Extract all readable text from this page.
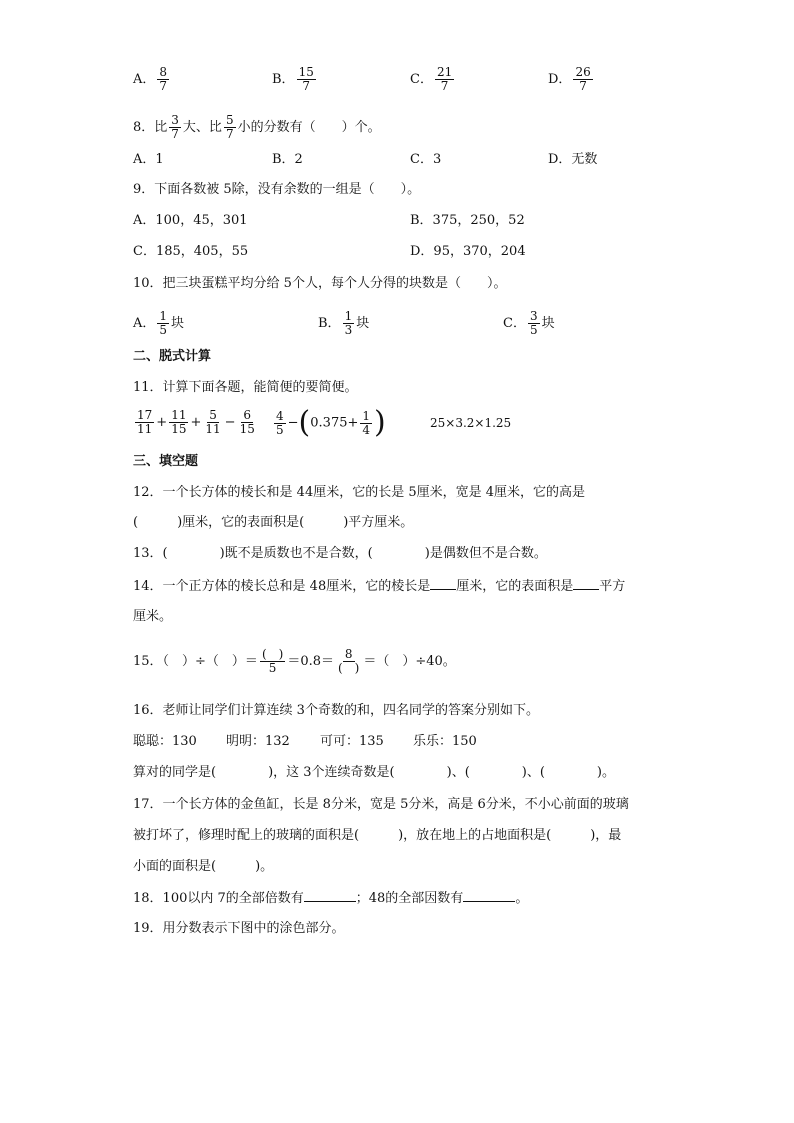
A． $\frac{8}{7}$	B． $\frac{15}{7}$	C． $\frac{21}{7}$	D． $\frac{26}{7}$
8．比 $\frac{3}{7}$ 大、比 $\frac{5}{7}$ 小的分数有（　　）个。
A．1	B．2	C．3	D．无数
9．下面各数被 5除，没有余数的一组是（　　）。
A．100，45，301	B．375，250，52
C．185，405，55	D．95，370，204
10．把三块蛋糕平均分给 5个人，每个人分得的块数是（　　）。
A． $\frac{1}{5}$ 块	B． $\frac{1}{3}$ 块	C． $\frac{3}{5}$ 块
二、脱式计算
11．计算下面各题，能简便的要简便。
$\frac{17}{11} + \frac{11}{15} + \frac{5}{11} - \frac{6}{15} \frac{4}{5} -(0.375+ \frac{1}{4}$ )	25×3.2×1.25
三、填空题
12．一个长方体的棱长和是 44厘米，它的长是 5厘米，宽是 4厘米，它的高是
(　　　)厘米，它的表面积是(　　　)平方厘米。
13．(　　　　)既不是质数也不是合数，(　　　　)是偶数但不是合数。
14．一个正方体的棱长总和是 48厘米，它的棱长是 厘米，它的表面积是 平方
厘米。
15．（　）÷（　）＝ $\frac{( )}{5} =0.8= \frac{8}{( )}$ ＝（　）÷40。
16．老师让同学们计算连续 3个奇数的和，四名同学的答案分别如下。
聪聪：130 明明：132 可可：135 乐乐：150
算对的同学是(　　　　)，这 3个连续奇数是(　　　　)、(　　　　)、(　　　　)。
17．一个长方体的金鱼缸，长是 8分米，宽是 5分米，高是 6分米，不小心前面的玻璃
被打坏了，修理时配上的玻璃的面积是(　　　)，放在地上的占地面积是(　　　)，最
小面的面积是(　　　)。
18．100以内 7的全部倍数有	；48的全部因数有	。
19．用分数表示下图中的涂色部分。
